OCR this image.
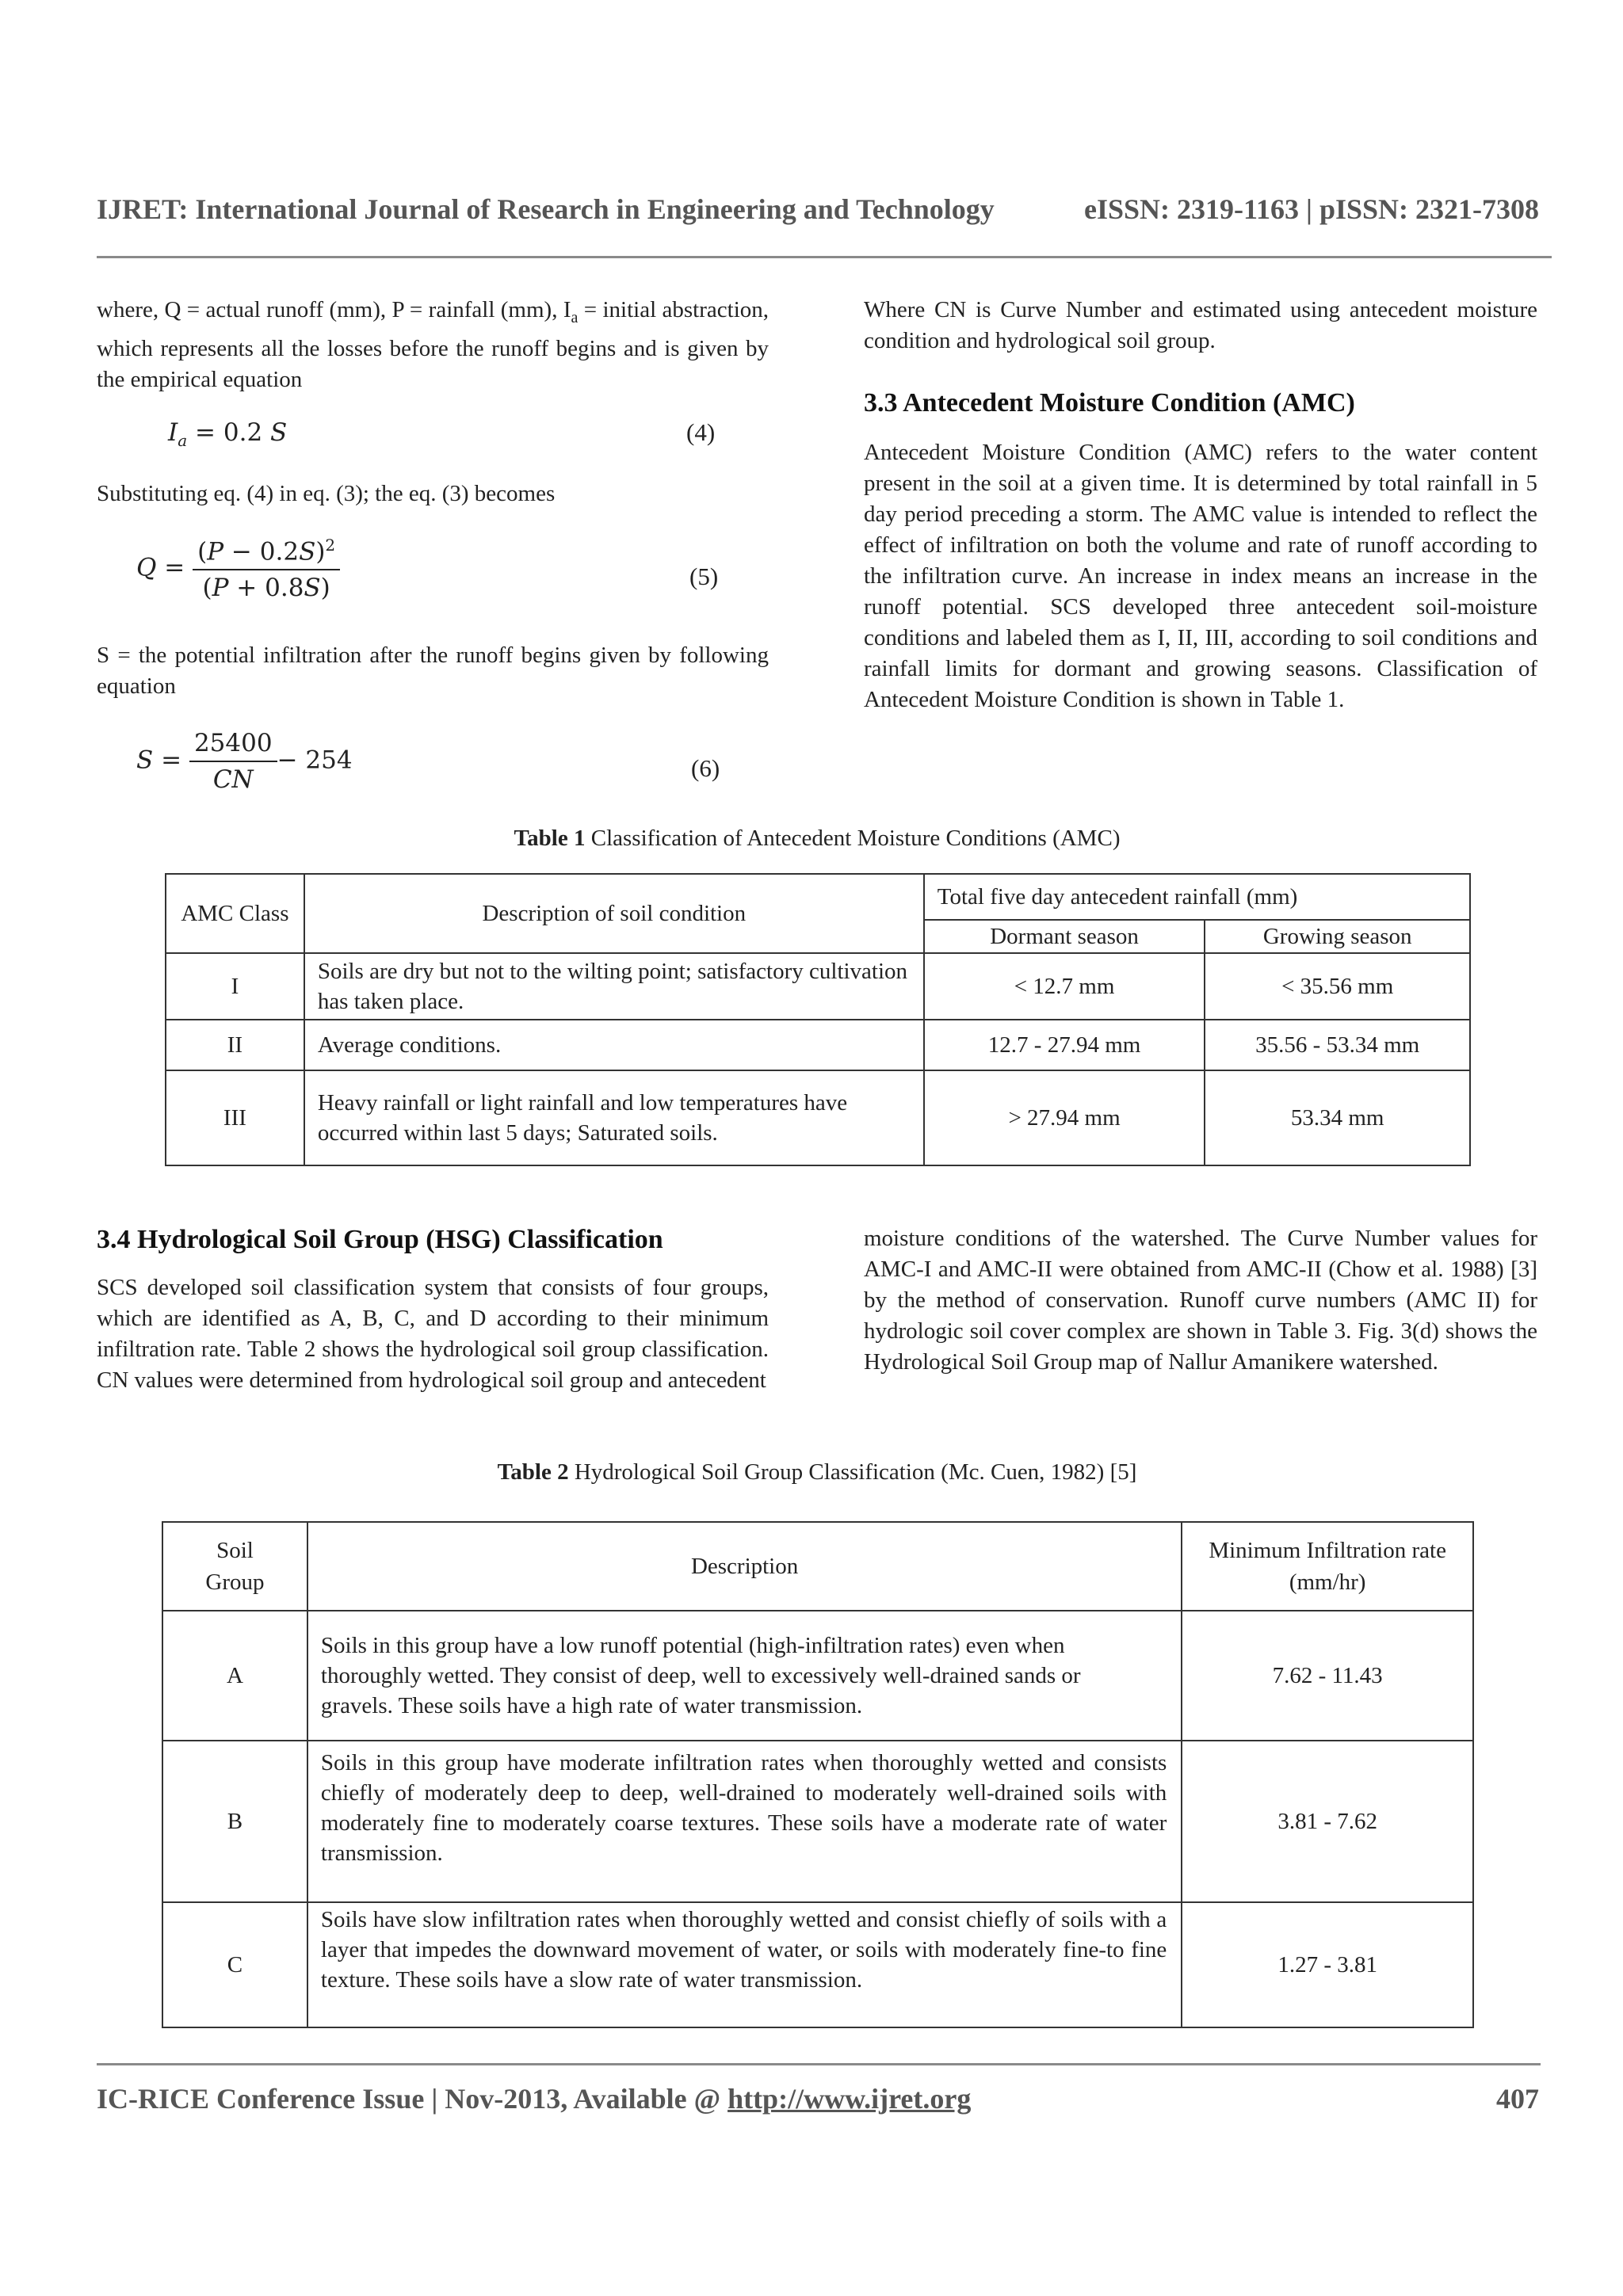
IJRET: International Journal of Research in Engineering and Technology	eISSN: 2319-1163 | pISSN: 2321-7308
where, Q = actual runoff (mm), P = rainfall (mm), $I_a$ = initial abstraction, which represents all the losses before the runoff begins and is given by the empirical equation
$I_a = 0.2$ S	(4)
Substituting eq. (4) in eq. (3); the eq. (3) becomes
$Q = \frac{(P - 0.2S)^2}{(P + 0.8S)}$	(5)
S = the potential infiltration after the runoff begins given by following equation
$S = \frac{25400}{CN} - 254$	(6)
Where CN is Curve Number and estimated using antecedent moisture condition and hydrological soil group.
3.3 Antecedent Moisture Condition (AMC)
Antecedent Moisture Condition (AMC) refers to the water content present in the soil at a given time. It is determined by total rainfall in 5 day period preceding a storm. The AMC value is intended to reflect the effect of infiltration on both the volume and rate of runoff according to the infiltration curve. An increase in index means an increase in the runoff potential. SCS developed three antecedent soil-moisture conditions and labeled them as I, II, III, according to soil conditions and rainfall limits for dormant and growing seasons. Classification of Antecedent Moisture Condition is shown in Table 1.
Table 1 Classification of Antecedent Moisture Conditions (AMC)
AMC Class	Description of soil condition	Total five day antecedent rainfall (mm)	
		Dormant season	Growing season
I	Soils are dry but not to the wilting point; satisfactory cultivation has taken place.	< 12.7 mm	< 35.56 mm
II	Average conditions.	12.7 - 27.94 mm	35.56 - 53.34 mm
III	Heavy rainfall or light rainfall and low temperatures have occurred within last 5 days; Saturated soils.	> 27.94 mm	53.34 mm
3.4 Hydrological Soil Group (HSG) Classification
SCS developed soil classification system that consists of four groups, which are identified as A, B, C, and D according to their minimum infiltration rate. Table 2 shows the hydrological soil group classification. CN values were determined from hydrological soil group and antecedent
moisture conditions of the watershed. The Curve Number values for AMC-I and AMC-II were obtained from AMC-II (Chow et al. 1988) [3] by the method of conservation. Runoff curve numbers (AMC II) for hydrologic soil cover complex are shown in Table 3. Fig. 3(d) shows the Hydrological Soil Group map of Nallur Amanikere watershed.
Table 2 Hydrological Soil Group Classification (Mc. Cuen, 1982) [5]
Soil Group	Description	Minimum Infiltration rate (mm/hr)
A	Soils in this group have a low runoff potential (high-infiltration rates) even when thoroughly wetted. They consist of deep, well to excessively well-drained sands or gravels. These soils have a high rate of water transmission.	7.62 - 11.43
B	Soils in this group have moderate infiltration rates when thoroughly wetted and consists chiefly of moderately deep to deep, well-drained to moderately well-drained soils with moderately fine to moderately coarse textures. These soils have a moderate rate of water transmission.	3.81 - 7.62
C	Soils have slow infiltration rates when thoroughly wetted and consist chiefly of soils with a layer that impedes the downward movement of water, or soils with moderately fine-to fine texture. These soils have a slow rate of water transmission.	1.27 - 3.81
IC-RICE Conference Issue | Nov-2013, Available @ http://www.ijret.org	407
